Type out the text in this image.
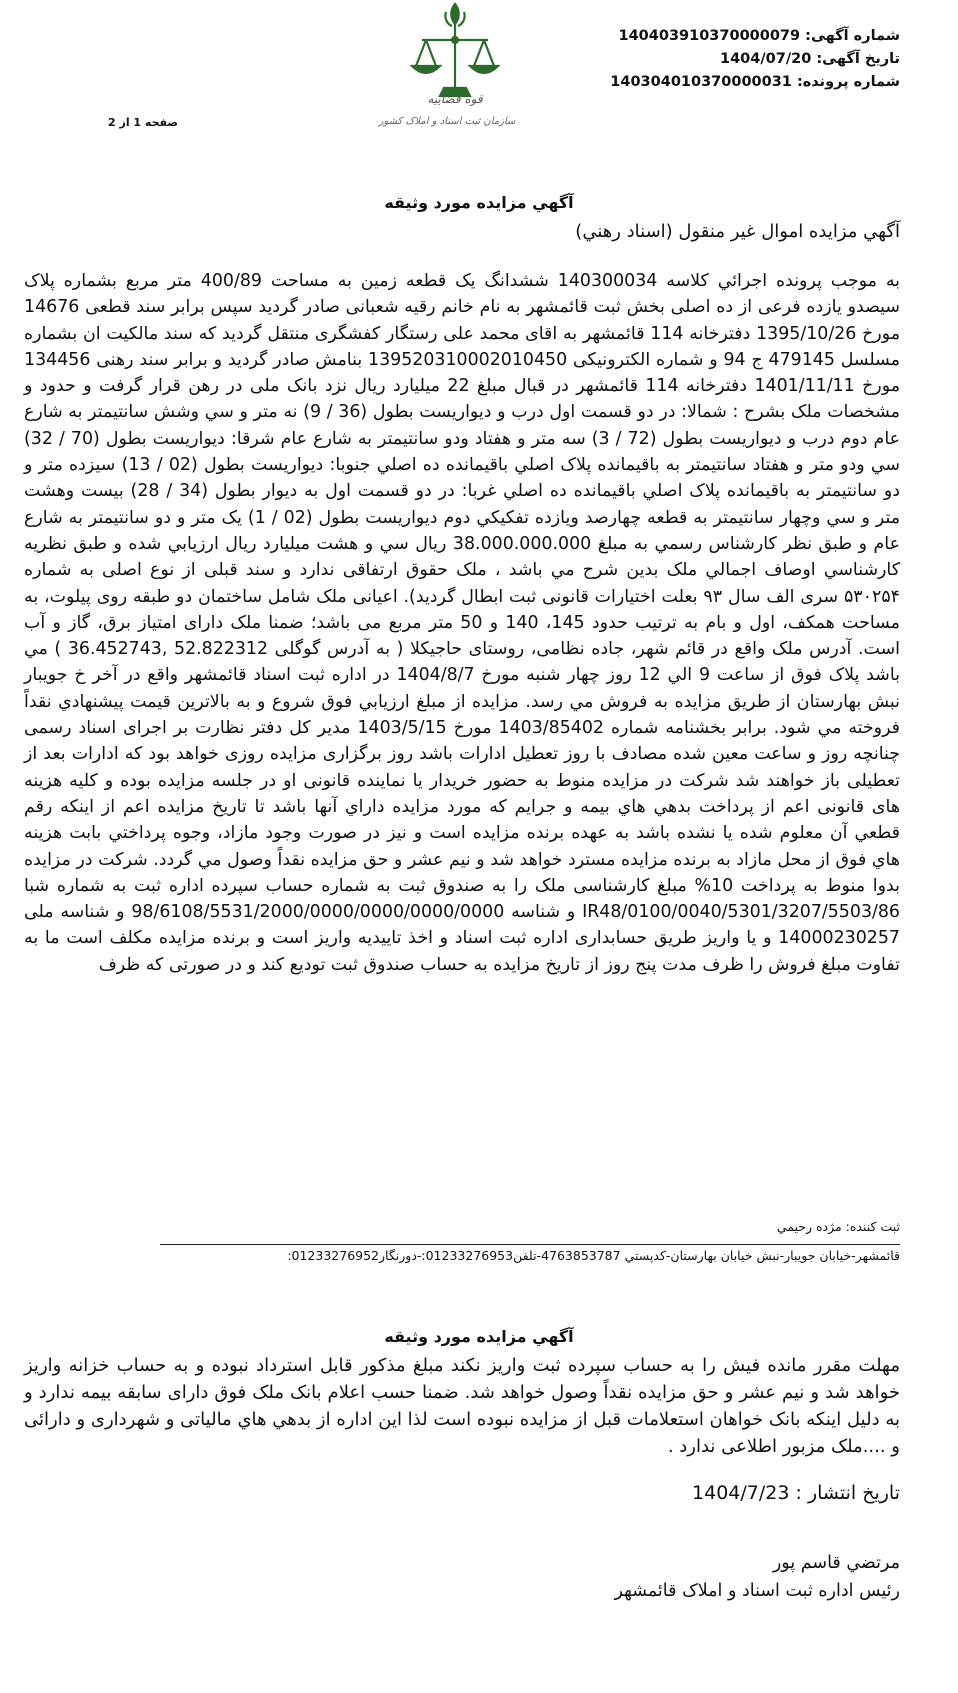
شماره آگهی: 140403910370000079
تاریخ آگهی: 1404/07/20
شماره پرونده: 140304010370000031
قوه قضاییه
سازمان ثبت اسناد و املاک کشور
صفحه 1 از 2
آگهي مزايده مورد وثيقه
آگهي مزايده اموال غير منقول (اسناد رهني)

به موجب پرونده اجرائي کلاسه 140300034 ششدانگ يک قطعه زمين به مساحت 400/89 متر مربع بشماره پلاک سيصدو يازده فرعی از ده اصلی بخش ثبت قائمشهر به نام خانم رقيه شعبانی صادر گرديد سپس برابر سند قطعی 14676 مورخ 1395/10/26 دفترخانه 114 قائمشهر به اقای محمد علی رستگار کفشگری منتقل گرديد که سند مالکيت ان بشماره مسلسل 479145 ج 94 و شماره الکترونيکی 139520310002010450 بنامش صادر گرديد و برابر سند رهنی 134456 مورخ 1401/11/11 دفترخانه 114 قائمشهر در قبال مبلغ 22 ميليارد ريال نزد بانک ملی در رهن قرار گرفت و حدود و مشخصات ملک بشرح : شمالا: در دو قسمت اول درب و ديواريست بطول (36 / 9) نه متر و سي وشش سانتيمتر به شارع عام دوم درب و ديواريست بطول (72 / 3) سه متر و هفتاد ودو سانتيمتر به شارع عام شرقا: ديواريست بطول (70 / 32) سي ودو متر و هفتاد سانتيمتر به باقيمانده پلاک اصلي باقيمانده ده اصلي جنوبا: ديواريست بطول (02 / 13) سيزده متر و دو سانتيمتر به باقيمانده پلاک اصلي باقيمانده ده اصلي غربا: در دو قسمت اول به ديوار بطول (34 / 28) بيست وهشت متر و سي وچهار سانتيمتر به قطعه چهارصد ويازده تفکيکي دوم ديواريست بطول (02 / 1) يک متر و دو سانتيمتر به شارع عام و طبق نظر کارشناس رسمي به مبلغ 38.000.000.000 ريال سي و هشت ميليارد ريال ارزيابي شده و طبق نظريه کارشناسي اوصاف اجمالي ملک بدين شرح مي باشد ، ملک حقوق ارتفاقی ندارد و سند قبلی از نوع اصلی به شماره ۵۳۰۲۵۴ سری الف سال ۹۳ بعلت اختيارات قانونی ثبت ابطال گرديد). اعيانی ملک شامل ساختمان دو طبقه روی پيلوت، به مساحت همکف، اول و بام به ترتيب حدود 145، 140 و 50 متر مربع می باشد؛ ضمنا ملک دارای امتياز برق، گاز و آب است. آدرس ملک واقع در قائم شهر، جاده نظامی، روستای حاجيکلا ( به آدرس گوگلی 52.822312 ,36.452743 ) مي باشد پلاک فوق از ساعت 9 الي 12 روز چهار شنبه مورخ 1404/8/7 در اداره ثبت اسناد قائمشهر واقع در آخر خ جويبار نبش بهارستان از طريق مزايده به فروش مي رسد. مزايده از مبلغ ارزيابي فوق شروع و به بالاترين قيمت پيشنهادي نقداً فروخته مي شود. برابر بخشنامه شماره 1403/85402 مورخ 1403/5/15 مدير کل دفتر نظارت بر اجرای اسناد رسمی چنانچه روز و ساعت معين شده مصادف با روز تعطيل ادارات باشد روز برگزاری مزايده روزی خواهد بود که ادارات بعد از تعطيلی باز خواهند شد شرکت در مزايده منوط به حضور خريدار يا نماينده قانونی او در جلسه مزايده بوده و کليه هزينه های قانونی اعم از پرداخت بدهي هاي بيمه و جرايم که مورد مزايده داراي آنها باشد تا تاريخ مزايده اعم از اينکه رقم قطعي آن معلوم شده يا نشده باشد به عهده برنده مزايده است و نيز در صورت وجود مازاد، وجوه پرداختي بابت هزينه هاي فوق از محل مازاد به برنده مزايده مسترد خواهد شد و نيم عشر و حق مزايده نقداً وصول مي گردد. شرکت در مزايده بدوا منوط به پرداخت 10% مبلغ کارشناسی ملک را به صندوق ثبت به شماره حساب سپرده اداره ثبت به شماره شبا IR48/0100/0040/5301/3207/5503/86 و شناسه 98/6108/5531/2000/0000/0000/0000/0000 و شناسه ملی 14000230257 و يا واريز طريق حسابداری اداره ثبت اسناد و اخذ تاييديه واريز است و برنده مزايده مکلف است ما به تفاوت مبلغ فروش را ظرف مدت پنج روز از تاريخ مزايده به حساب صندوق ثبت توديع کند و در صورتی که ظرف

ثبت کننده: مژده رحيمي
قائمشهر-خيابان جويبار-نبش خيابان بهارستان-کدپستي 4763853787-تلفن01233276953:-دورنگار01233276952:
آگهي مزايده مورد وثيقه

مهلت مقرر مانده فيش را به حساب سپرده ثبت واريز نکند مبلغ مذکور قابل استرداد نبوده و به حساب خزانه واريز خواهد شد و نيم عشر و حق مزايده نقداً وصول خواهد شد. ضمنا حسب اعلام بانک ملک فوق دارای سابقه بيمه ندارد و به دليل اينکه بانک خواهان استعلامات قبل از مزايده نبوده است لذا اين اداره از بدهي هاي مالياتی و شهرداری و دارائی و ....ملک مزبور اطلاعی ندارد .

تاريخ انتشار : 1404/7/23
مرتضي قاسم پور
رئيس اداره ثبت اسناد و املاک قائمشهر
